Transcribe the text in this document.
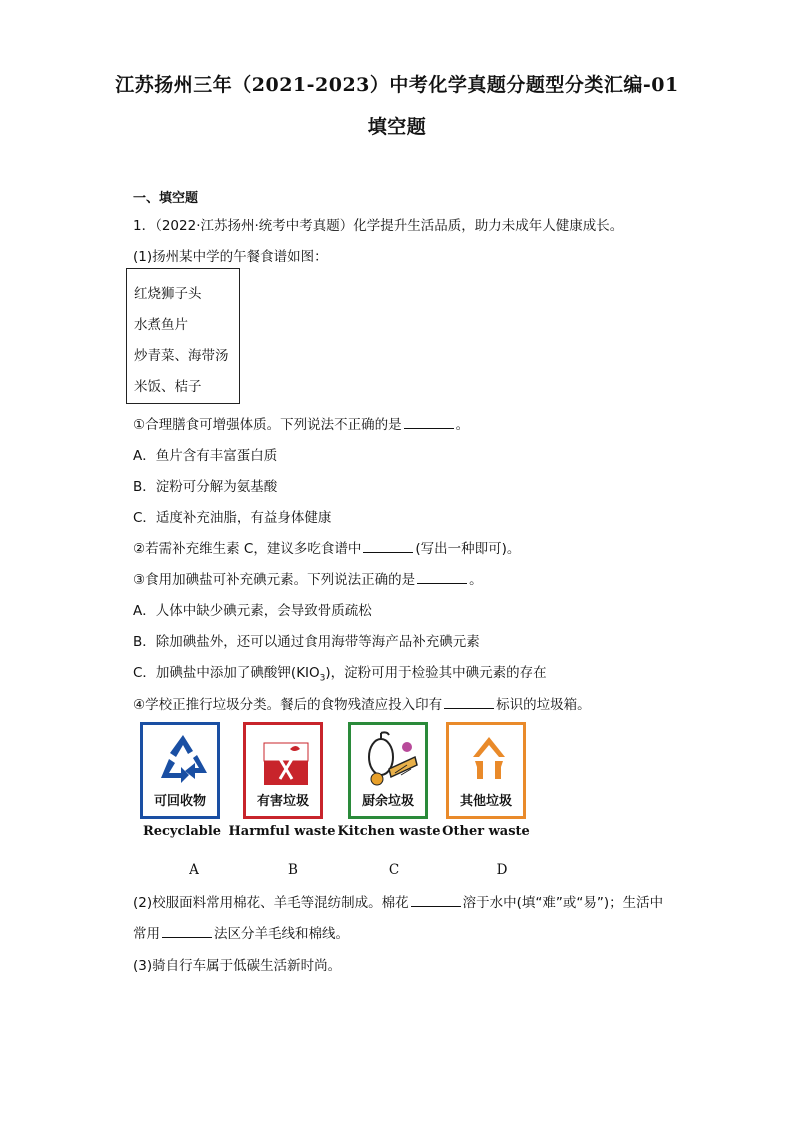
江苏扬州三年（2021-2023）中考化学真题分题型分类汇编-01
填空题
一、填空题
1．（2022·江苏扬州·统考中考真题）化学提升生活品质，助力未成年人健康成长。
(1)扬州某中学的午餐食谱如图：
红烧狮子头
水煮鱼片
炒青菜、海带汤
米饭、桔子
①合理膳食可增强体质。下列说法不正确的是	。
A．鱼片含有丰富蛋白质
B．淀粉可分解为氨基酸
C．适度补充油脂，有益身体健康
②若需补充维生素 C，建议多吃食谱中	(写出一种即可)。
③食用加碘盐可补充碘元素。下列说法正确的是	。
A．人体中缺少碘元素，会导致骨质疏松
B．除加碘盐外，还可以通过食用海带等海产品补充碘元素
C．加碘盐中添加了碘酸钾$(KIO_3)$，淀粉可用于检验其中碘元素的存在
④学校正推行垃圾分类。餐后的食物残渣应投入印有	标识的垃圾箱。
可回收物	有害垃圾	厨余垃圾	其他垃圾
Recyclable Harmful waste Kitchen waste Other waste
A	B	C	D
(2)校服面料常用棉花、羊毛等混纺制成。棉花	溶于水中(填“难”或“易”)；生活中
常用	法区分羊毛线和棉线。
(3)骑自行车属于低碳生活新时尚。
